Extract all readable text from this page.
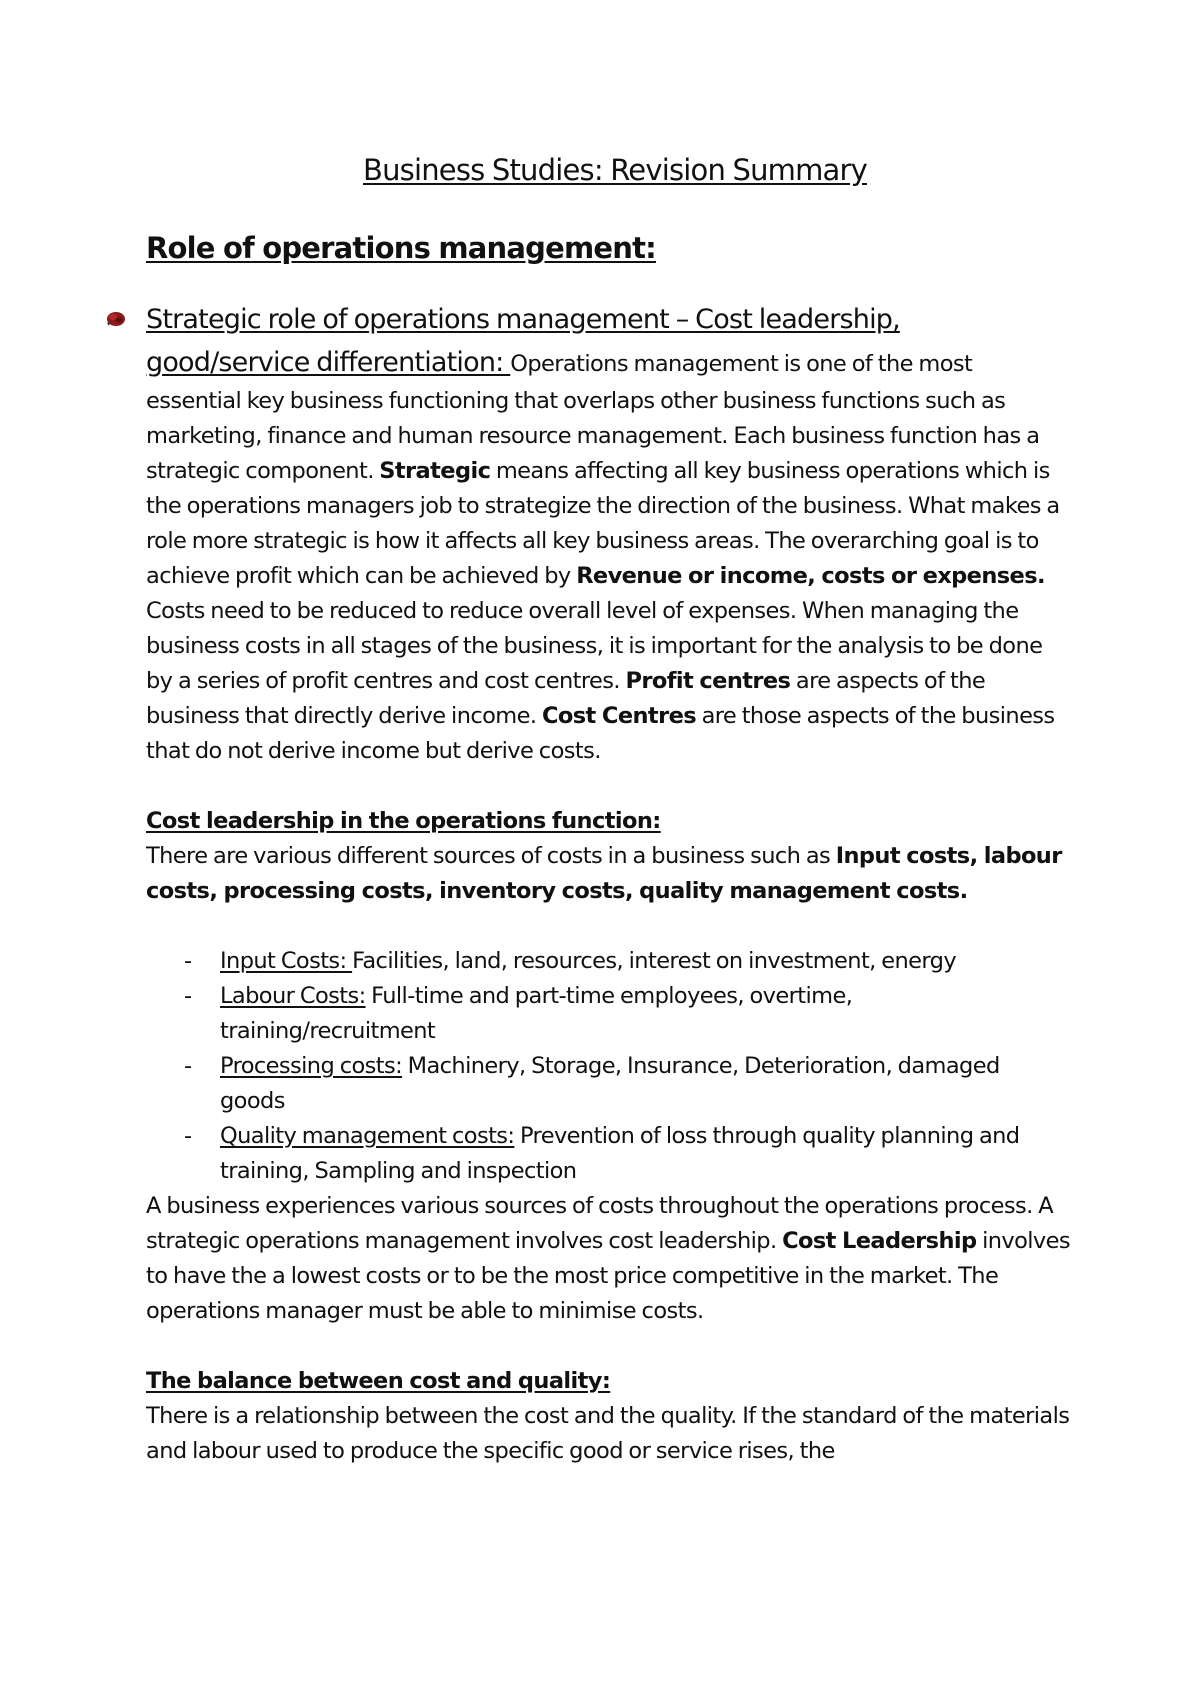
Business Studies: Revision Summary
Role of operations management:

Strategic role of operations management – Cost leadership,
good/service differentiation: Operations management is one of the most essential key business functioning that overlaps other business functions such as marketing, finance and human resource management. Each business function has a strategic component. Strategic means affecting all key business operations which is the operations managers job to strategize the direction of the business. What makes a role more strategic is how it affects all key business areas. The overarching goal is to achieve profit which can be achieved by Revenue or income, costs or expenses. Costs need to be reduced to reduce overall level of expenses. When managing the business costs in all stages of the business, it is important for the analysis to be done by a series of profit centres and cost centres. Profit centres are aspects of the business that directly derive income. Cost Centres are those aspects of the business that do not derive income but derive costs.

Cost leadership in the operations function:

There are various different sources of costs in a business such as Input costs, labour costs, processing costs, inventory costs, quality management costs.

- Input Costs: Facilities, land, resources, interest on investment, energy
- Labour Costs: Full-time and part-time employees, overtime, training/recruitment
- Processing costs: Machinery, Storage, Insurance, Deterioration, damaged goods
- Quality management costs: Prevention of loss through quality planning and training, Sampling and inspection

A business experiences various sources of costs throughout the operations process. A strategic operations management involves cost leadership. Cost Leadership involves to have the a lowest costs or to be the most price competitive in the market. The operations manager must be able to minimise costs.

The balance between cost and quality:

There is a relationship between the cost and the quality. If the standard of the materials and labour used to produce the specific good or service rises, the
